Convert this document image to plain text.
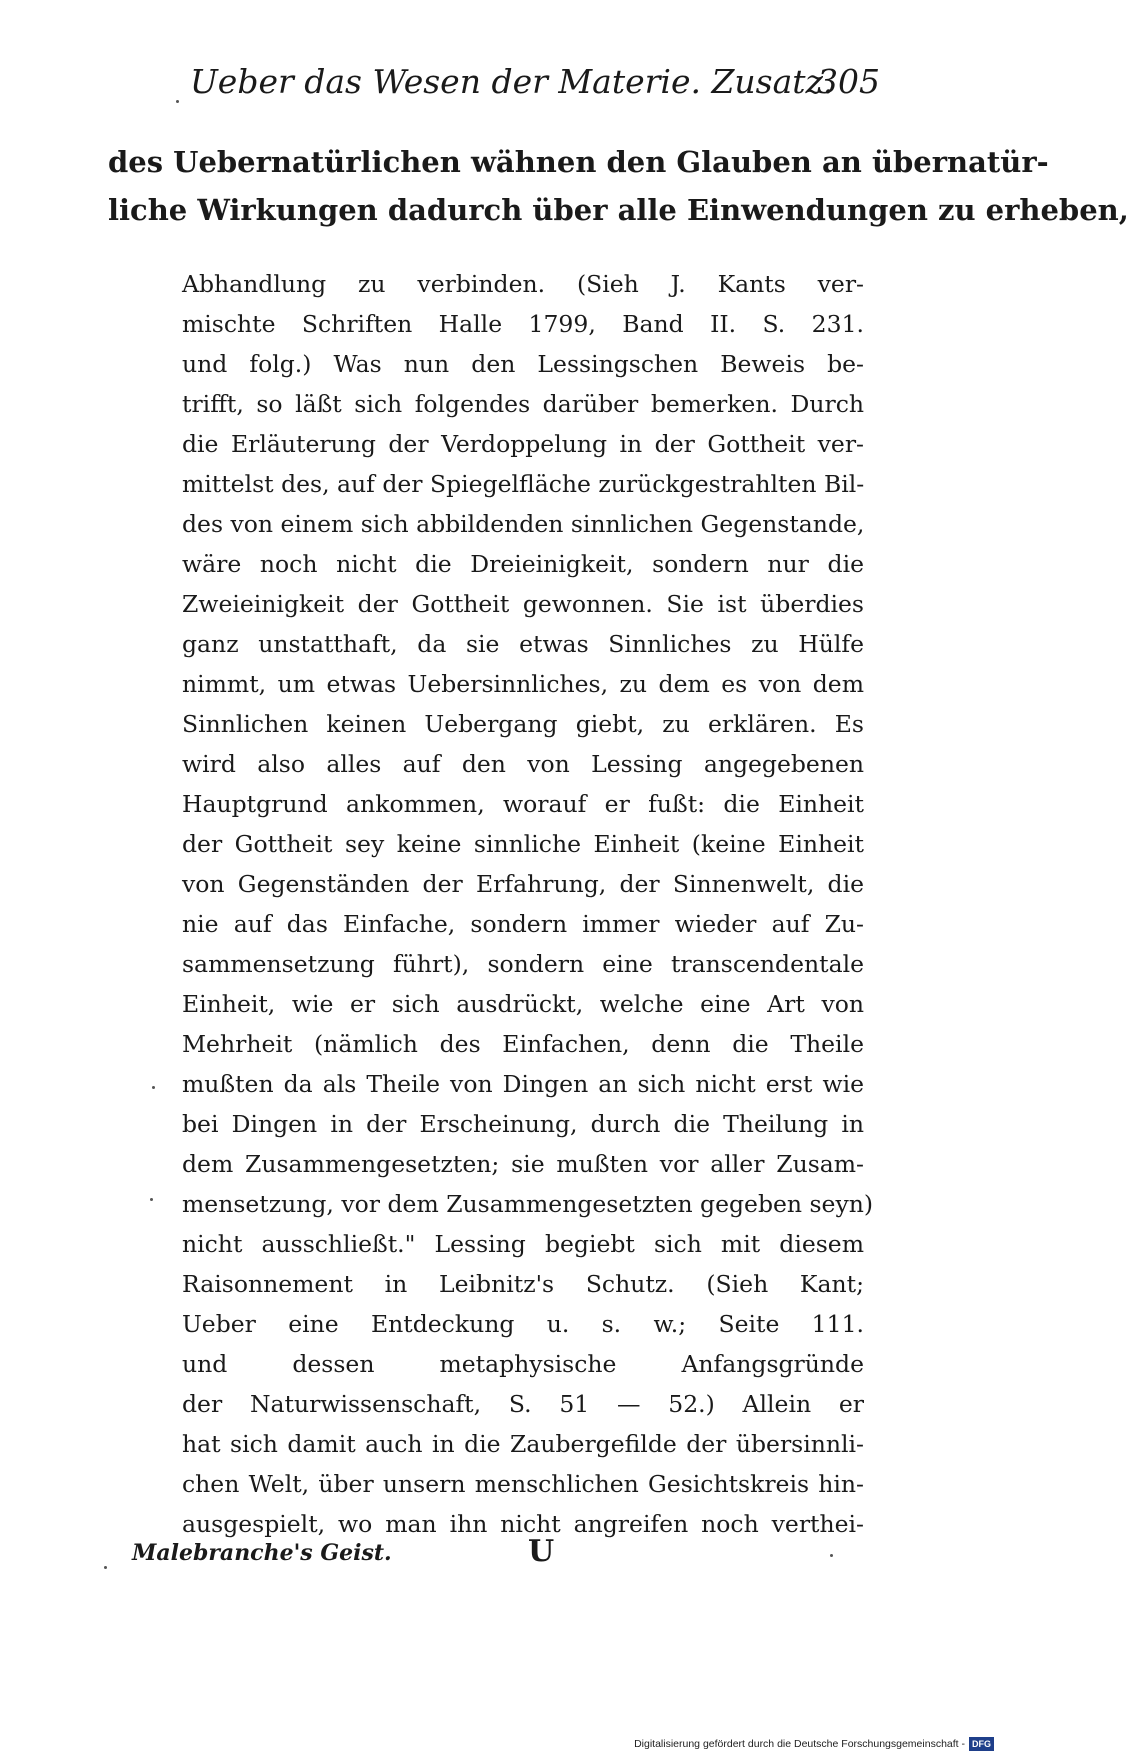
Ueber das Wesen der Materie. Zusatz.
305
des Uebernatürlichen wähnen den Glauben an übernatür-
liche Wirkungen dadurch über alle Einwendungen zu erheben,
Abhandlung zu verbinden. (Sieh J. Kants ver-
mischte Schriften Halle 1799, Band II. S. 231.
und folg.) Was nun den Lessingschen Beweis be-
trifft, so läßt sich folgendes darüber bemerken. Durch
die Erläuterung der Verdoppelung in der Gottheit ver-
mittelst des, auf der Spiegelfläche zurückgestrahlten Bil-
des von einem sich abbildenden sinnlichen Gegenstande,
wäre noch nicht die Dreieinigkeit, sondern nur die
Zweieinigkeit der Gottheit gewonnen. Sie ist überdies
ganz unstatthaft, da sie etwas Sinnliches zu Hülfe
nimmt, um etwas Uebersinnliches, zu dem es von dem
Sinnlichen keinen Uebergang giebt, zu erklären. Es
wird also alles auf den von Lessing angegebenen
Hauptgrund ankommen, worauf er fußt: die Einheit
der Gottheit sey keine sinnliche Einheit (keine Einheit
von Gegenständen der Erfahrung, der Sinnenwelt, die
nie auf das Einfache, sondern immer wieder auf Zu-
sammensetzung führt), sondern eine transcendentale
Einheit, wie er sich ausdrückt, welche eine Art von
Mehrheit (nämlich des Einfachen, denn die Theile
mußten da als Theile von Dingen an sich nicht erst wie
bei Dingen in der Erscheinung, durch die Theilung in
dem Zusammengesetzten; sie mußten vor aller Zusam-
mensetzung, vor dem Zusammengesetzten gegeben seyn)
nicht ausschließt." Lessing begiebt sich mit diesem
Raisonnement in Leibnitz's Schutz. (Sieh Kant;
Ueber eine Entdeckung u. s. w.; Seite 111.
und dessen metaphysische Anfangsgründe
der Naturwissenschaft, S. 51 — 52.) Allein er
hat sich damit auch in die Zaubergefilde der übersinnli-
chen Welt, über unsern menschlichen Gesichtskreis hin-
ausgespielt, wo man ihn nicht angreifen noch verthei-
Malebranche's Geist.	U
Digitalisierung gefördert durch die Deutsche Forschungsgemeinschaft - DFG
